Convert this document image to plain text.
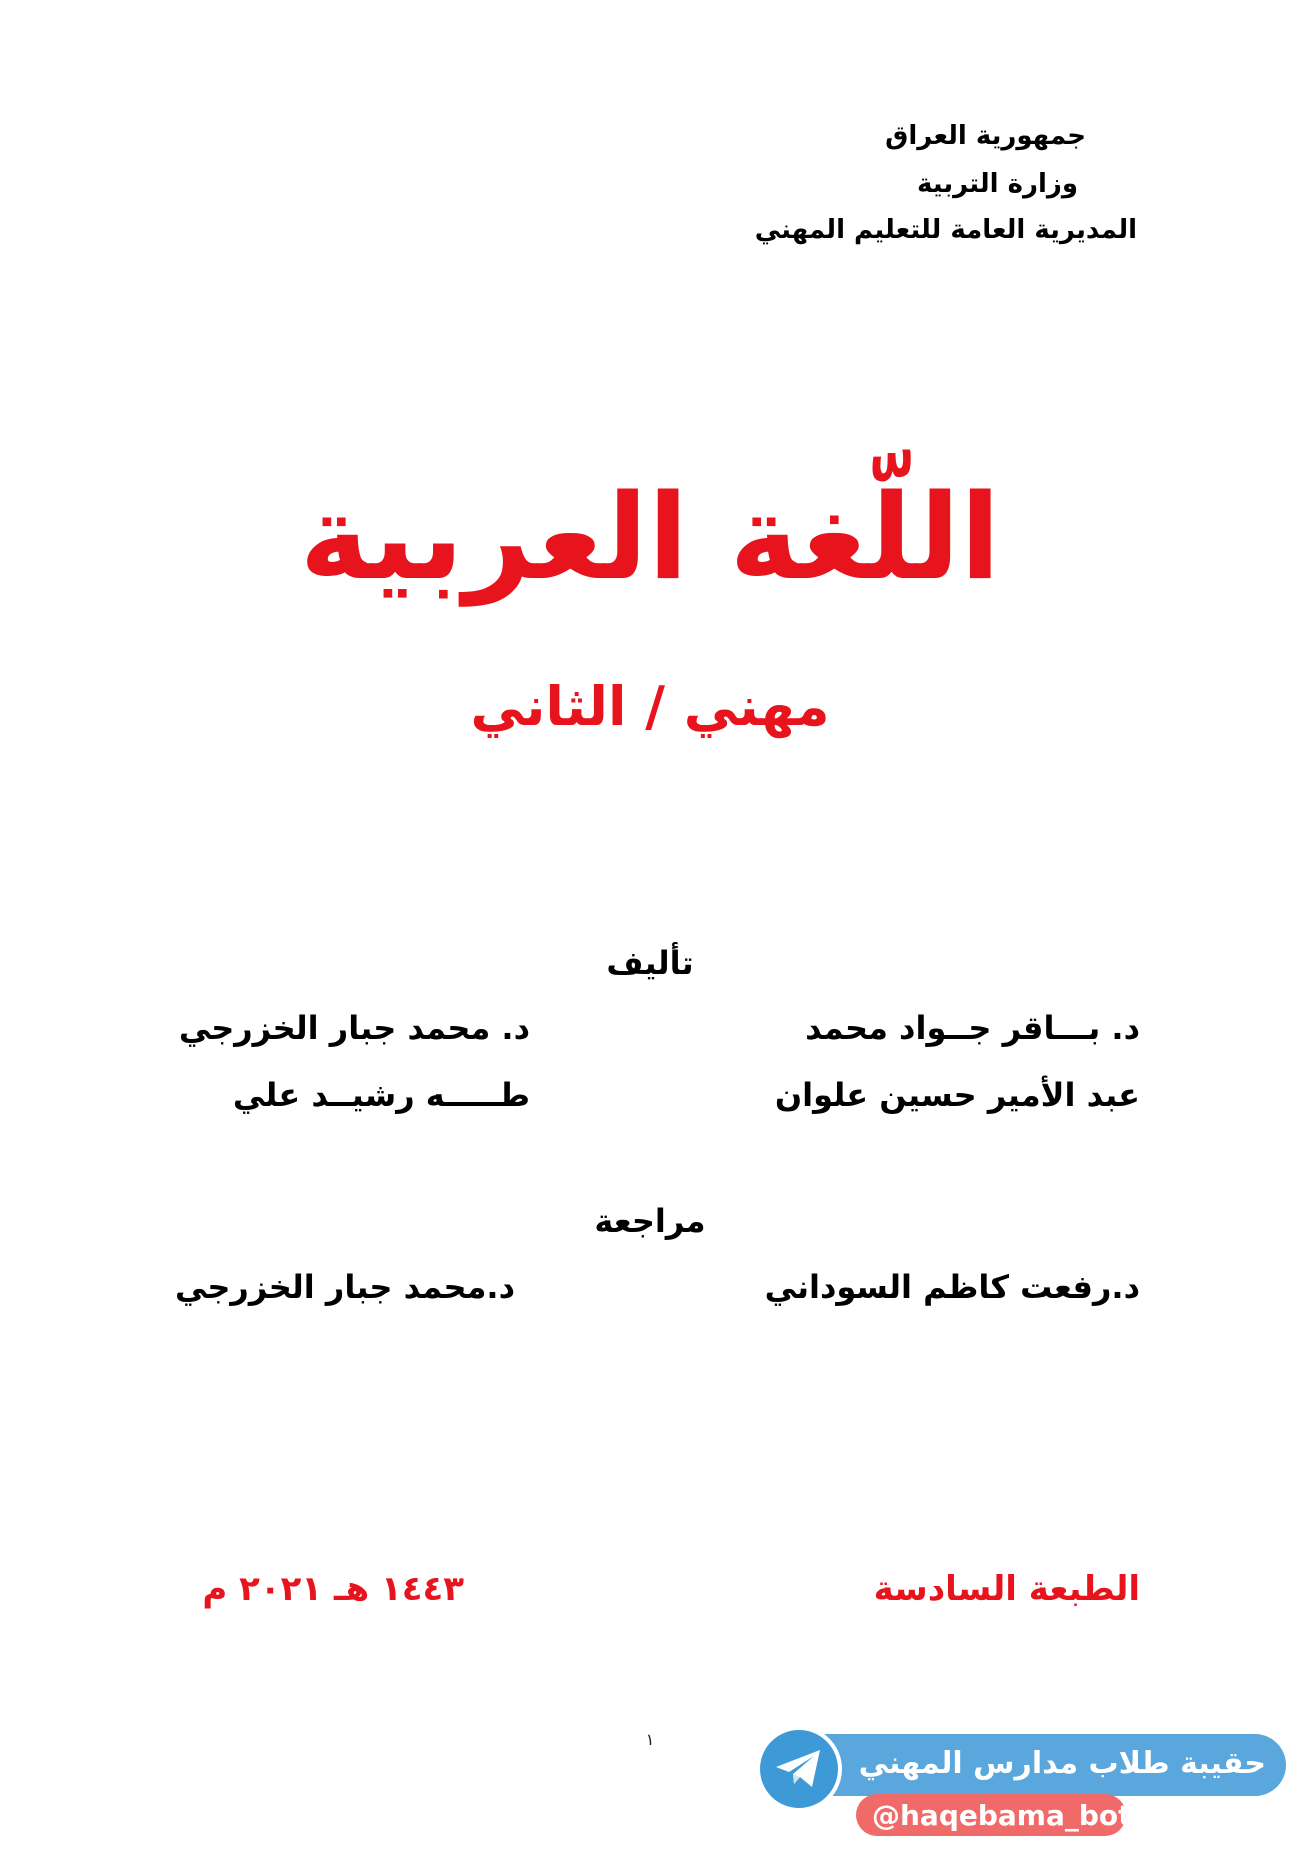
جمهورية العراق
وزارة التربية
المديرية العامة للتعليم المهني
اللّغة العربية
مهني / الثاني
تأليف
د. بـــاقر جــواد محمد
د. محمد جبار الخزرجي
عبد الأمير حسين علوان
طـــــه رشيــد علي
مراجعة
د.رفعت كاظم السوداني
د.محمد جبار الخزرجي
الطبعة السادسة
١٤٤٣ هـ ٢٠٢١ م
١
حقيبة طلاب مدارس المهني
@haqebama_bot
